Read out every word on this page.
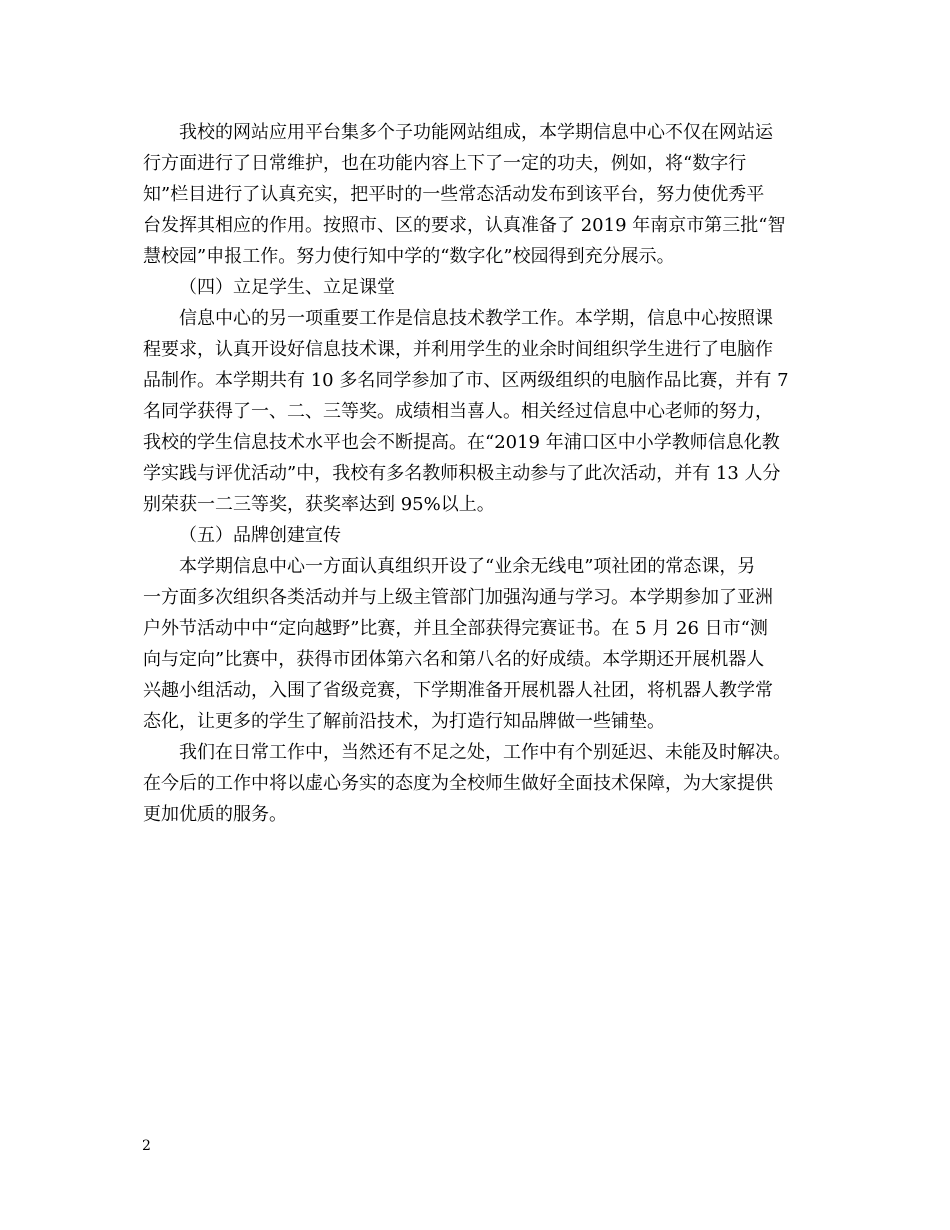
我校的网站应用平台集多个子功能网站组成，本学期信息中心不仅在网站运
行方面进行了日常维护，也在功能内容上下了一定的功夫，例如，将“数字行
知”栏目进行了认真充实，把平时的一些常态活动发布到该平台，努力使优秀平
台发挥其相应的作用。按照市、区的要求，认真准备了 2019 年南京市第三批“智
慧校园”申报工作。努力使行知中学的“数字化”校园得到充分展示。
（四）立足学生、立足课堂
信息中心的另一项重要工作是信息技术教学工作。本学期，信息中心按照课
程要求，认真开设好信息技术课，并利用学生的业余时间组织学生进行了电脑作
品制作。本学期共有 10 多名同学参加了市、区两级组织的电脑作品比赛，并有 7
名同学获得了一、二、三等奖。成绩相当喜人。相关经过信息中心老师的努力，
我校的学生信息技术水平也会不断提高。在“2019 年浦口区中小学教师信息化教
学实践与评优活动”中，我校有多名教师积极主动参与了此次活动，并有 13 人分
别荣获一二三等奖，获奖率达到 95%以上。
（五）品牌创建宣传
本学期信息中心一方面认真组织开设了“业余无线电”项社团的常态课，另
一方面多次组织各类活动并与上级主管部门加强沟通与学习。本学期参加了亚洲
户外节活动中中“定向越野”比赛，并且全部获得完赛证书。在 5 月 26 日市“测
向与定向”比赛中，获得市团体第六名和第八名的好成绩。本学期还开展机器人
兴趣小组活动，入围了省级竞赛，下学期准备开展机器人社团，将机器人教学常
态化，让更多的学生了解前沿技术，为打造行知品牌做一些铺垫。
我们在日常工作中，当然还有不足之处，工作中有个别延迟、未能及时解决。
在今后的工作中将以虚心务实的态度为全校师生做好全面技术保障，为大家提供
更加优质的服务。
2
